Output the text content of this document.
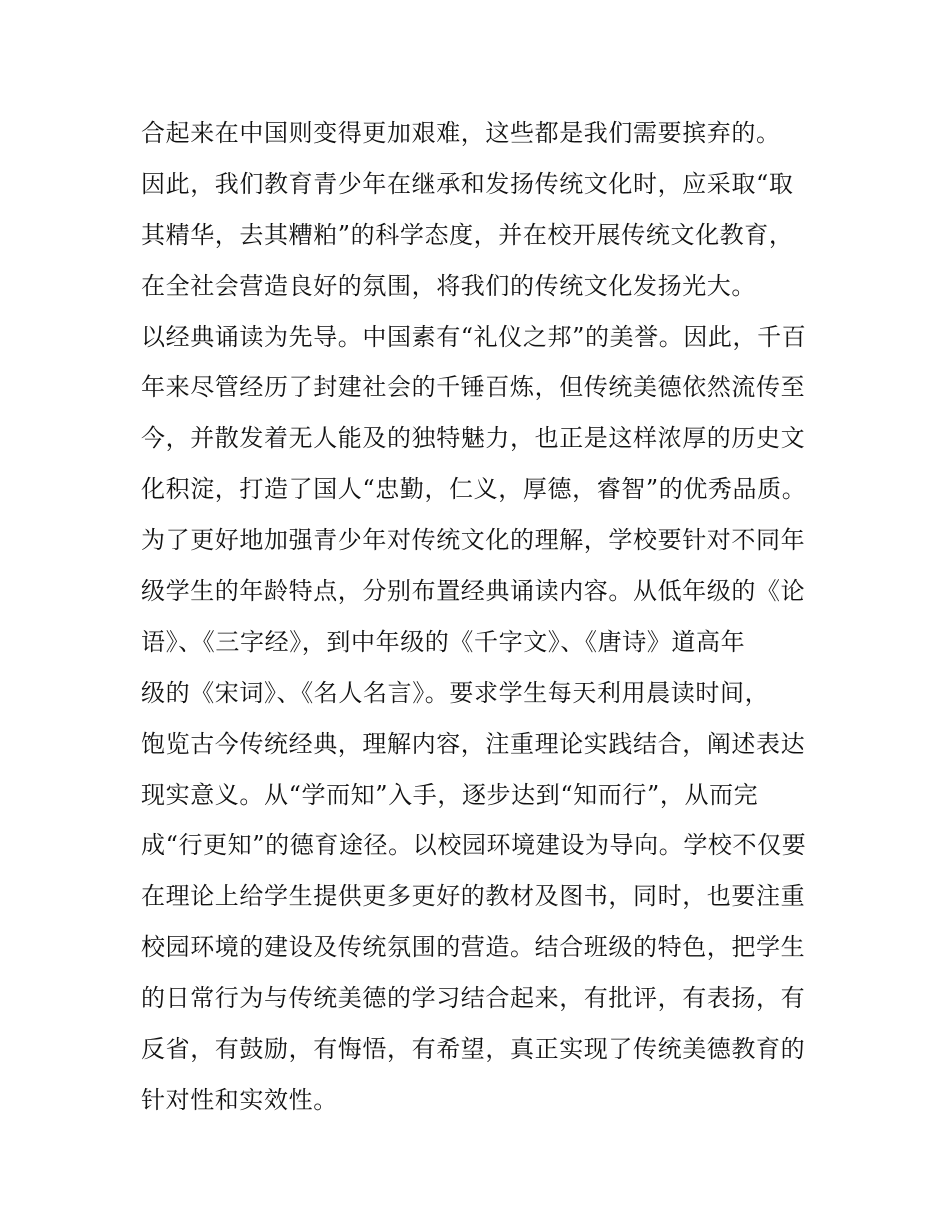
合起来在中国则变得更加艰难，这些都是我们需要摈弃的。
因此，我们教育青少年在继承和发扬传统文化时，应采取“取
其精华，去其糟粕”的科学态度，并在校开展传统文化教育，
在全社会营造良好的氛围，将我们的传统文化发扬光大。
以经典诵读为先导。中国素有“礼仪之邦”的美誉。因此，千百
年来尽管经历了封建社会的千锤百炼，但传统美德依然流传至
今，并散发着无人能及的独特魅力，也正是这样浓厚的历史文
化积淀，打造了国人“忠勤，仁义，厚德，睿智”的优秀品质。
为了更好地加强青少年对传统文化的理解，学校要针对不同年
级学生的年龄特点，分别布置经典诵读内容。从低年级的《论
语》、《三字经》，到中年级的《千字文》、《唐诗》道高年
级的《宋词》、《名人名言》。要求学生每天利用晨读时间，
饱览古今传统经典，理解内容，注重理论实践结合，阐述表达
现实意义。从“学而知”入手，逐步达到“知而行”，从而完
成“行更知”的德育途径。以校园环境建设为导向。学校不仅要
在理论上给学生提供更多更好的教材及图书，同时，也要注重
校园环境的建设及传统氛围的营造。结合班级的特色，把学生
的日常行为与传统美德的学习结合起来，有批评，有表扬，有
反省，有鼓励，有悔悟，有希望，真正实现了传统美德教育的
针对性和实效性。
